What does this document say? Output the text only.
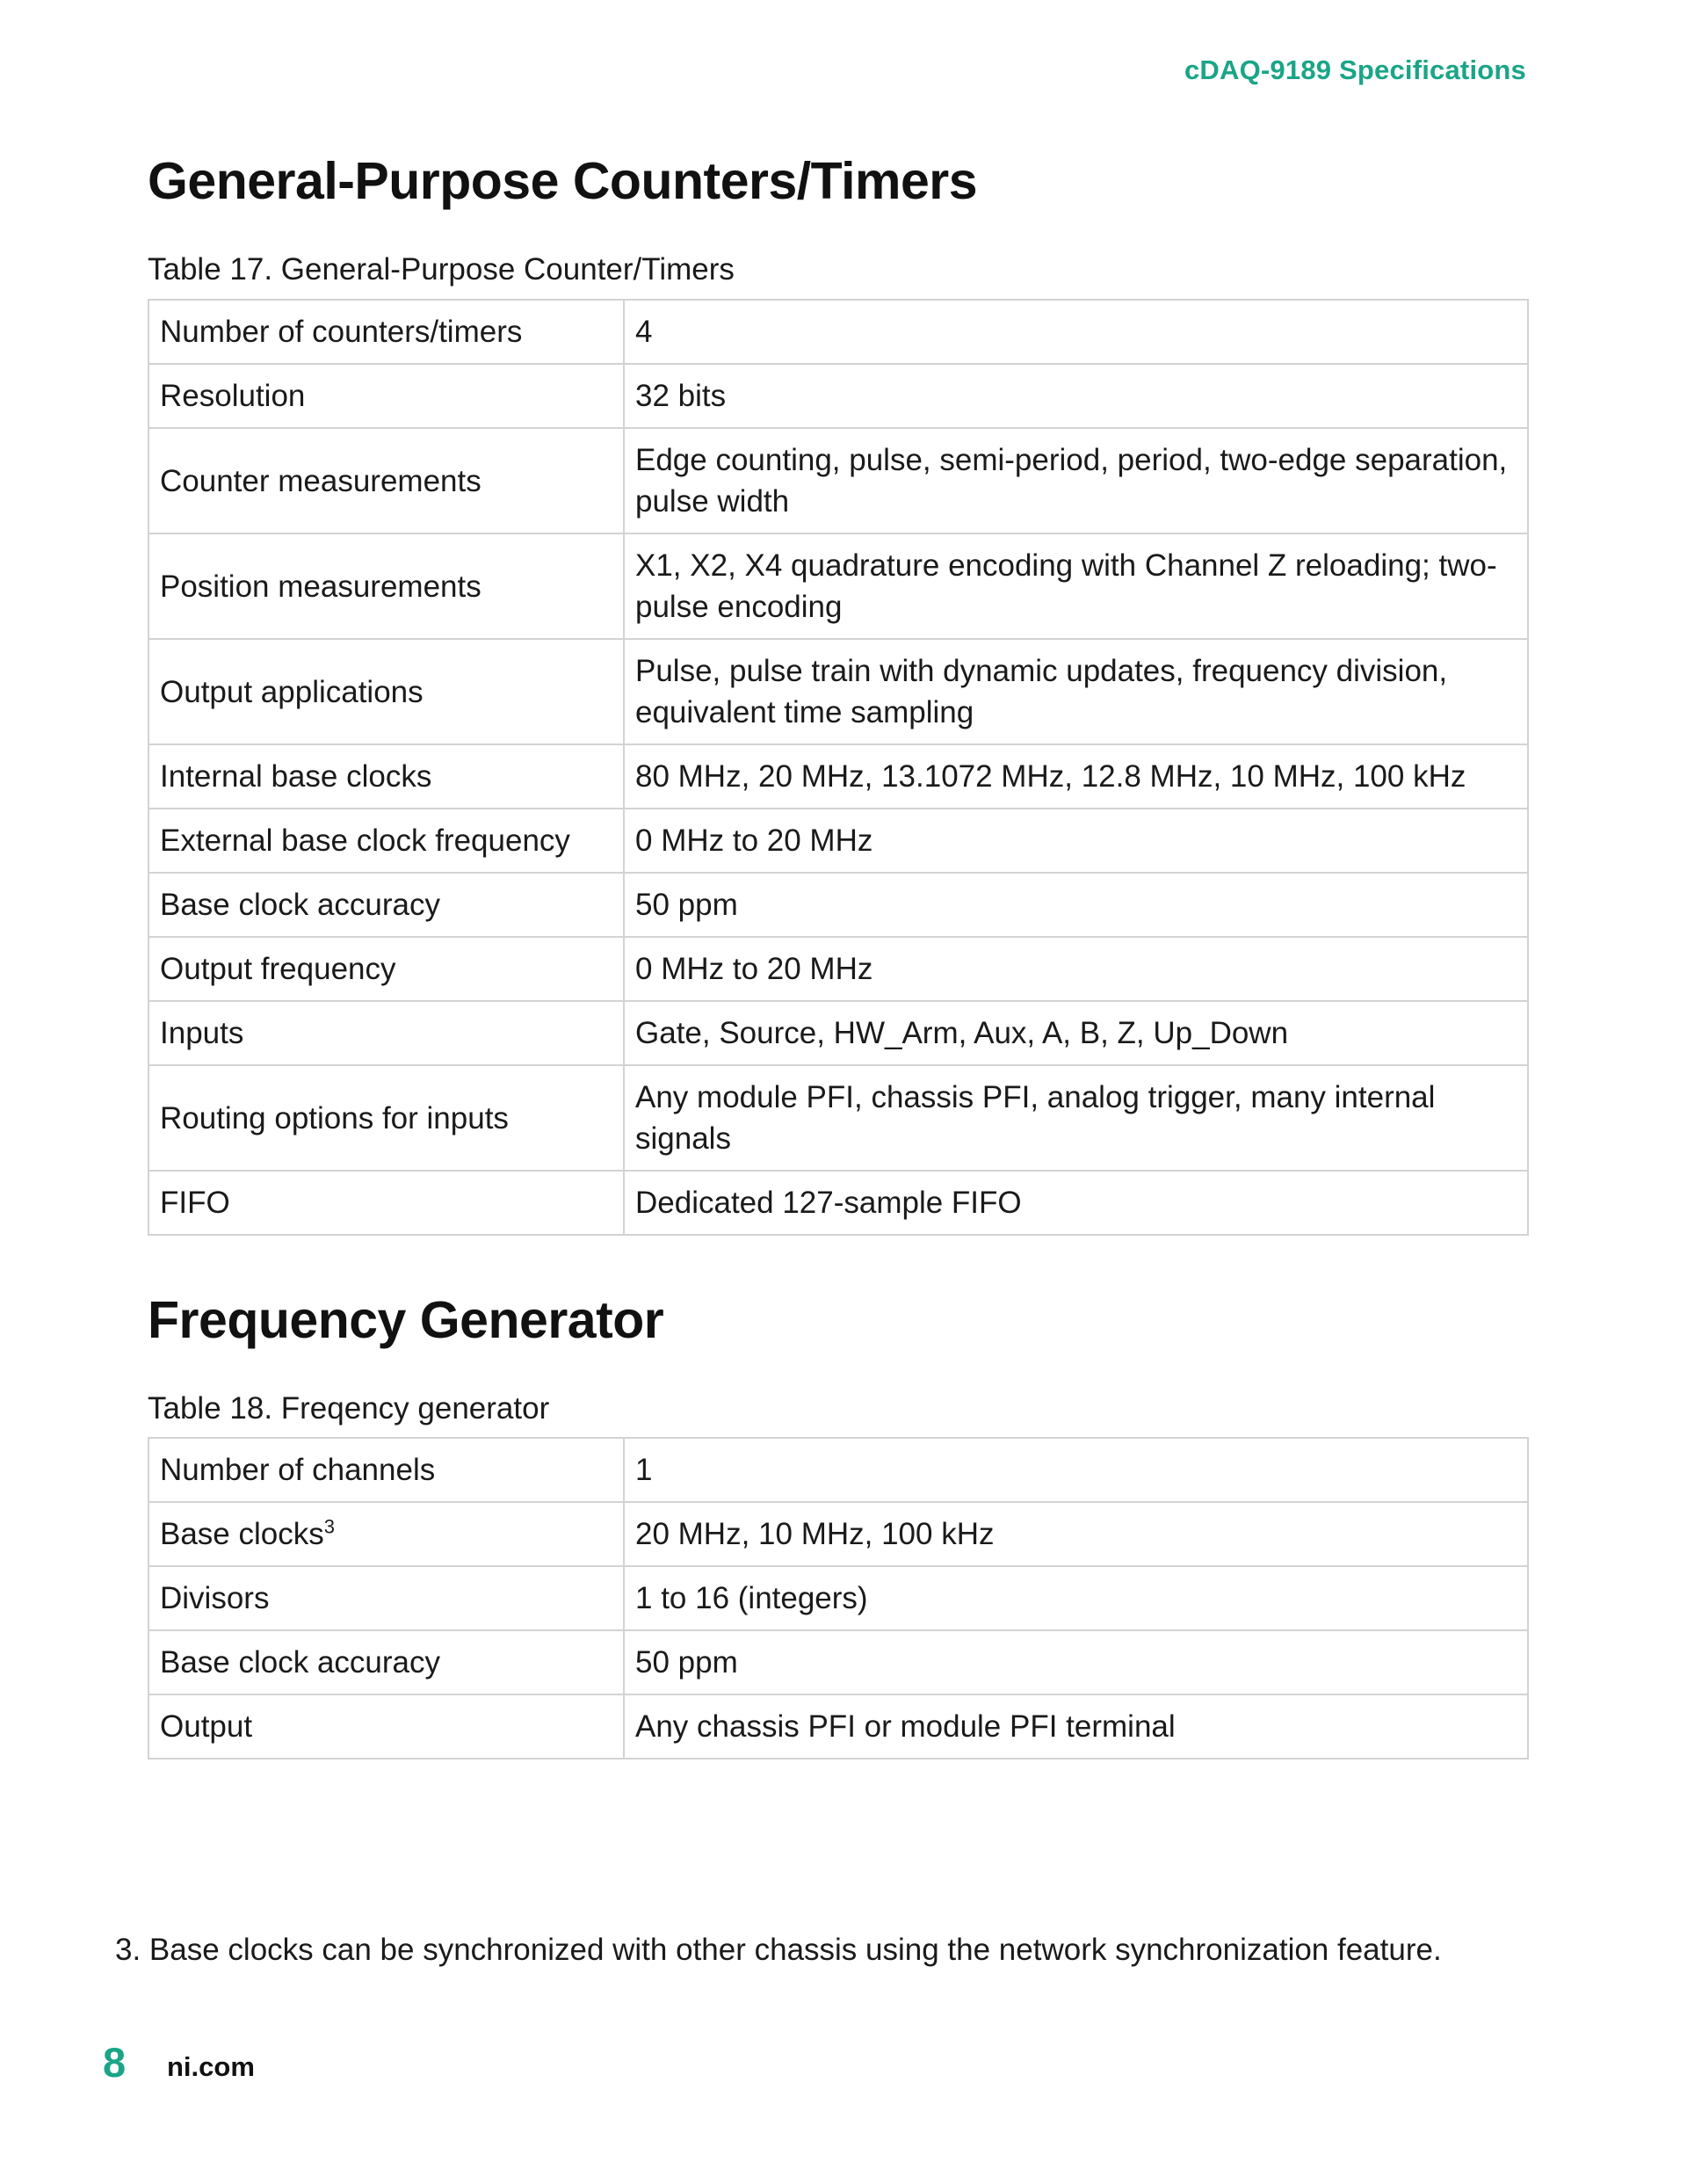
cDAQ-9189 Specifications
General-Purpose Counters/Timers
Table 17. General-Purpose Counter/Timers
Number of counters/timers	4
Resolution	32 bits
Counter measurements	Edge counting, pulse, semi-period, period, two-edge separation, pulse width
Position measurements	X1, X2, X4 quadrature encoding with Channel Z reloading; two-pulse encoding
Output applications	Pulse, pulse train with dynamic updates, frequency division, equivalent time sampling
Internal base clocks	80 MHz, 20 MHz, 13.1072 MHz, 12.8 MHz, 10 MHz, 100 kHz
External base clock frequency	0 MHz to 20 MHz
Base clock accuracy	50 ppm
Output frequency	0 MHz to 20 MHz
Inputs	Gate, Source, HW_Arm, Aux, A, B, Z, Up_Down
Routing options for inputs	Any module PFI, chassis PFI, analog trigger, many internal signals
FIFO	Dedicated 127-sample FIFO
Frequency Generator
Table 18. Freqency generator
Number of channels	1
Base clocks$^3$	20 MHz, 10 MHz, 100 kHz
Divisors	1 to 16 (integers)
Base clock accuracy	50 ppm
Output	Any chassis PFI or module PFI terminal
3. Base clocks can be synchronized with other chassis using the network synchronization feature.
8 ni.com
